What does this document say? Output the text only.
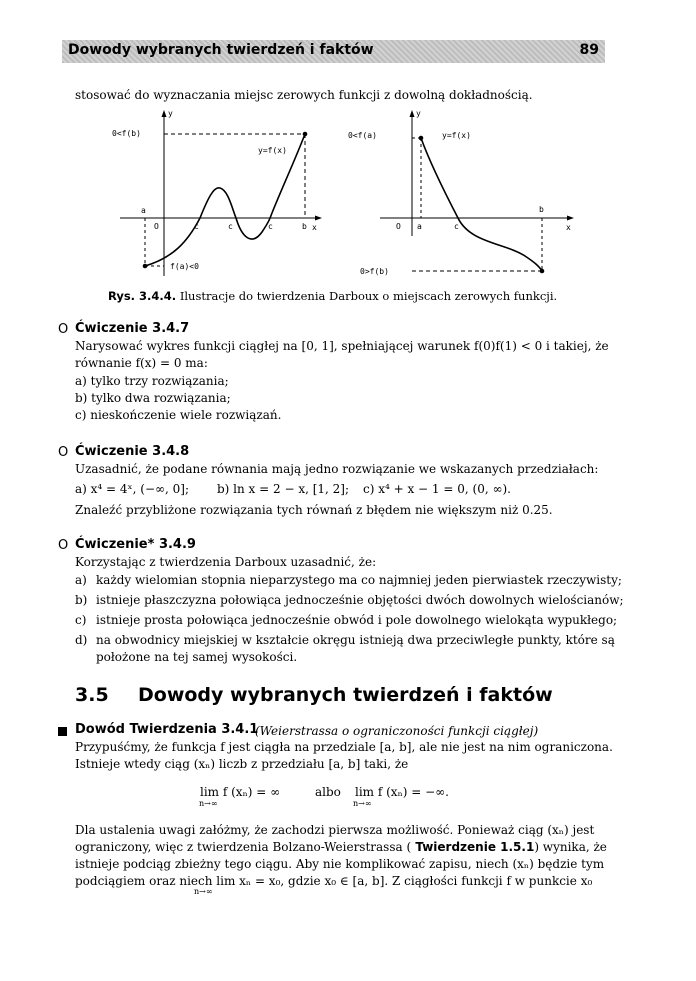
Dowody wybranych twierdzeń i faktów	89
stosować do wyznaczania miejsc zerowych funkcji z dowolną dokładnością.
y
x
0<f(b)
y=f(x)
a
O	c	c	c	b
f(a)<0
y
x
0<f(a)	y=f(x)
O a	c
b
0>f(b)
Rys. 3.4.4. Ilustracje do twierdzenia Darboux o miejscach zerowych funkcji.
O Ćwiczenie 3.4.7
Narysować wykres funkcji ciągłej na [0, 1], spełniającej warunek f(0)f(1) < 0 i takiej, że
równanie f(x) = 0 ma:
a) tylko trzy rozwiązania;
b) tylko dwa rozwiązania;
c) nieskończenie wiele rozwiązań.
O Ćwiczenie 3.4.8
Uzasadnić, że podane równania mają jedno rozwiązanie we wskazanych przedziałach:
a) x⁴ = 4ˣ, (−∞, 0]; b) ln x = 2 − x, [1, 2]; c) x⁴ + x − 1 = 0, (0, ∞).
Znaleźć przybliżone rozwiązania tych równań z błędem nie większym niż 0.25.
O Ćwiczenie* 3.4.9
Korzystając z twierdzenia Darboux uzasadnić, że:
a) każdy wielomian stopnia nieparzystego ma co najmniej jeden pierwiastek rzeczywisty;
b) istnieje płaszczyzna połowiąca jednocześnie objętości dwóch dowolnych wielościanów;
c) istnieje prosta połowiąca jednocześnie obwód i pole dowolnego wielokąta wypukłego;
d) na obwodnicy miejskiej w kształcie okręgu istnieją dwa przeciwległe punkty, które są
położone na tej samej wysokości.
3.5 Dowody wybranych twierdzeń i faktów
Dowód Twierdzenia 3.4.1
(Weierstrassa o ograniczoności funkcji ciągłej)
Przypuśćmy, że funkcja f jest ciągła na przedziale [a, b], ale nie jest na nim ograniczona.
Istnieje wtedy ciąg (xₙ) liczb z przedziału [a, b] taki, że
lim f (xₙ) = ∞	albo lim f (xₙ) = −∞.
n→∞	n→∞
Dla ustalenia uwagi załóżmy, że zachodzi pierwsza możliwość. Ponieważ ciąg (xₙ) jest
ograniczony, więc z twierdzenia Bolzano-Weierstrassa ( Twierdzenie 1.5.1) wynika, że
istnieje podciąg zbieżny tego ciągu. Aby nie komplikować zapisu, niech (xₙ) będzie tym
podciągiem oraz niech lim xₙ = x₀, gdzie x₀ ∈ [a, b]. Z ciągłości funkcji f w punkcie x₀
n→∞
